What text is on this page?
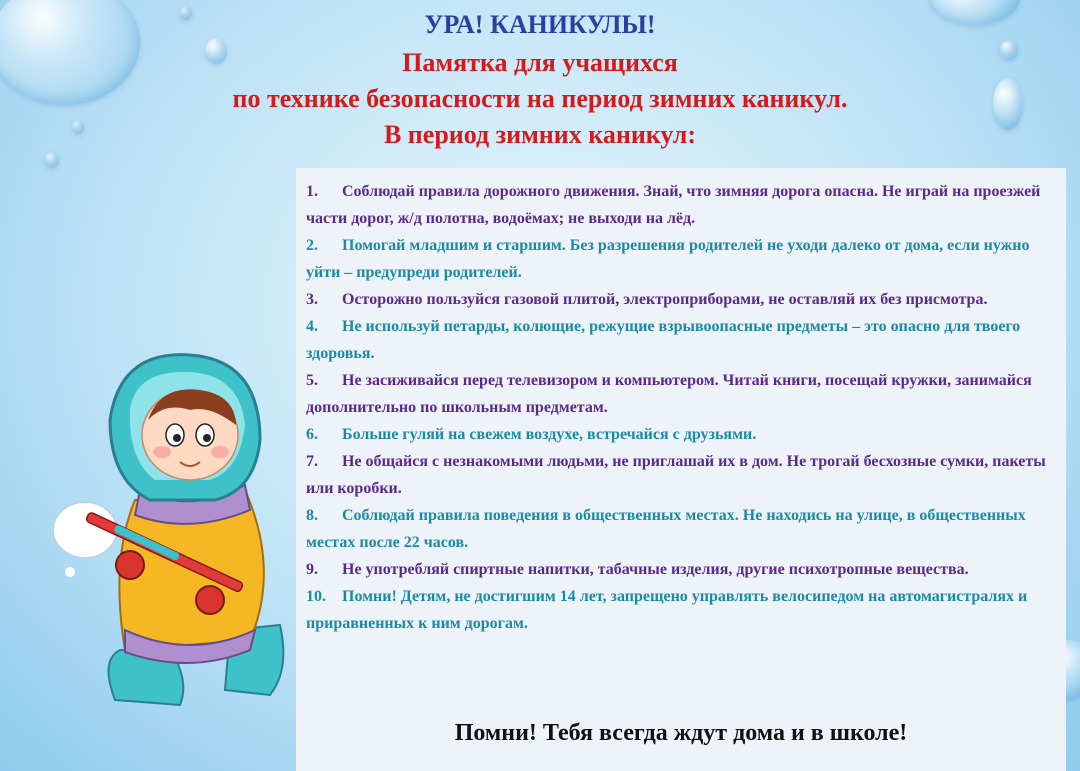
УРА! КАНИКУЛЫ!
Памятка для учащихся
по технике безопасности на период зимних каникул.
В период зимних каникул:

1. Соблюдай правила дорожного движения. Знай, что зимняя дорога опасна. Не играй на проезжей части дорог, ж/д полотна, водоёмах; не выходи на лёд.

2. Помогай младшим и старшим. Без разрешения родителей не уходи далеко от дома, если нужно уйти – предупреди родителей.

3. Осторожно пользуйся газовой плитой, электроприборами, не оставляй их без присмотра.

4. Не используй петарды, колющие, режущие взрывоопасные предметы – это опасно для твоего здоровья.

5. Не засиживайся перед телевизором и компьютером. Читай книги, посещай кружки, занимайся дополнительно по школьным предметам.

6. Больше гуляй на свежем воздухе, встречайся с друзьями.

7. Не общайся с незнакомыми людьми, не приглашай их в дом. Не трогай бесхозные сумки, пакеты или коробки.

8. Соблюдай правила поведения в общественных местах. Не находись на улице, в общественных местах после 22 часов.

9. Не употребляй спиртные напитки, табачные изделия, другие психотропные вещества.

10. Помни! Детям, не достигшим 14 лет, запрещено управлять велосипедом на автомагистралях и приравненных к ним дорогам.

Помни! Тебя всегда ждут дома и в школе!
